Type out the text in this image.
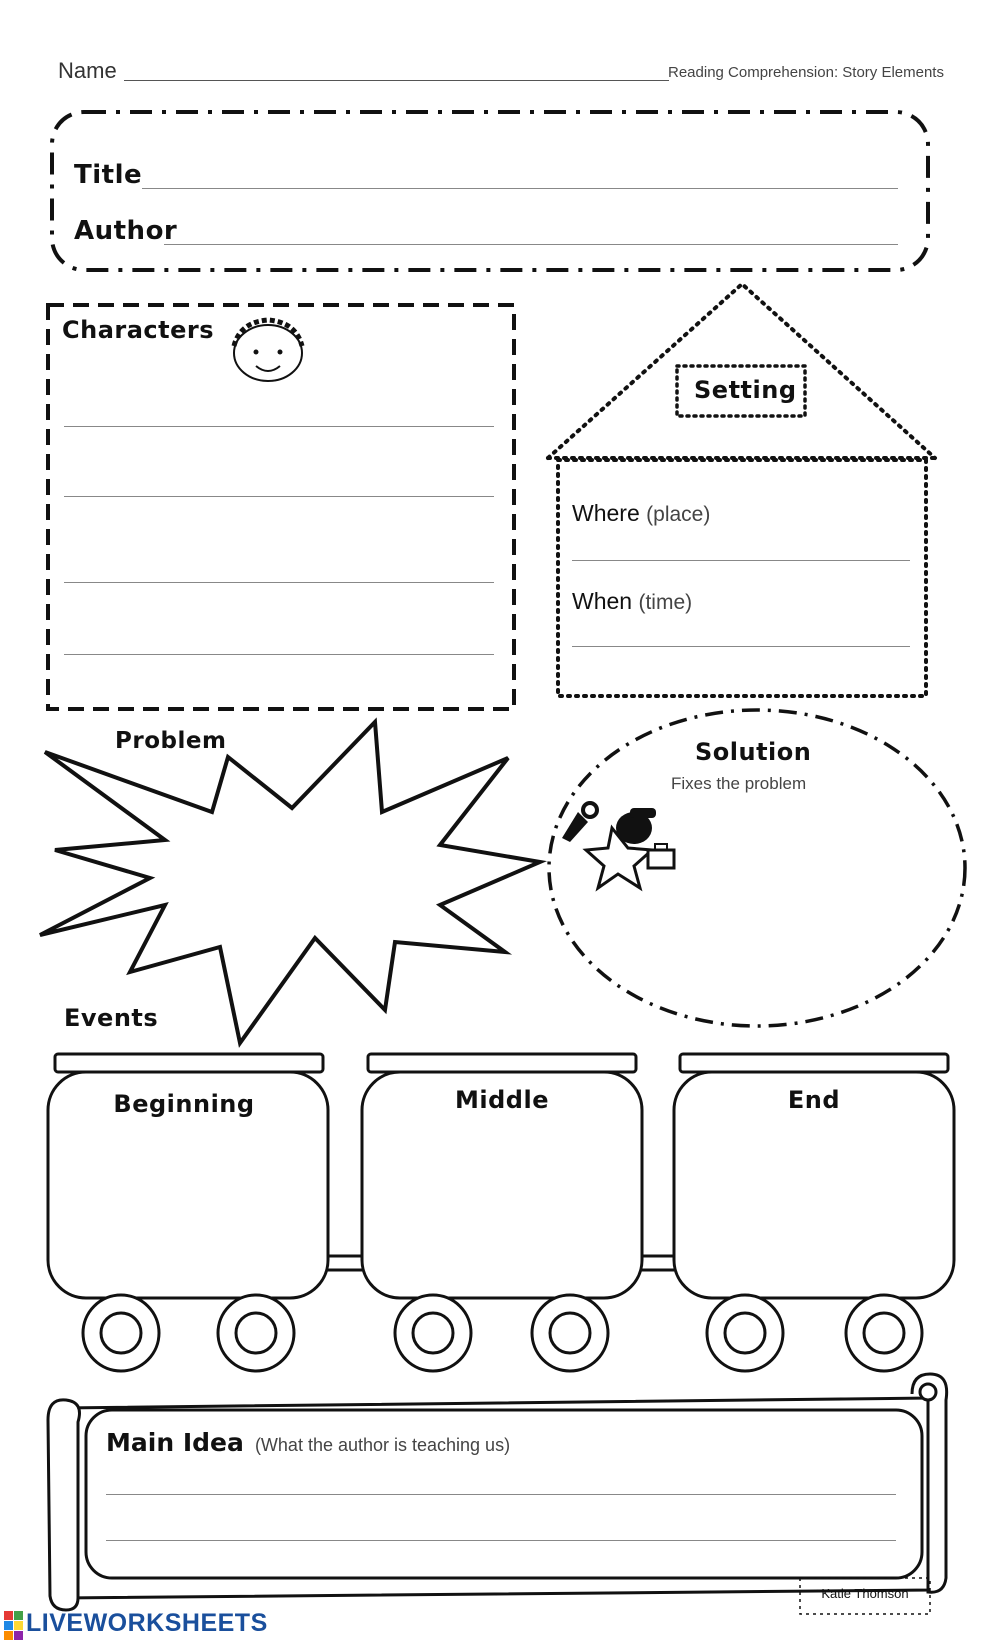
Name	Reading Comprehension: Story Elements
Title
Author
Characters
Setting
Where (place)
When (time)
Problem	Solution
Fixes the problem
Events
Beginning	Middle	End
Main Idea (What the author is teaching us)
Katie Thomson
LIVEWORKSHEETS
